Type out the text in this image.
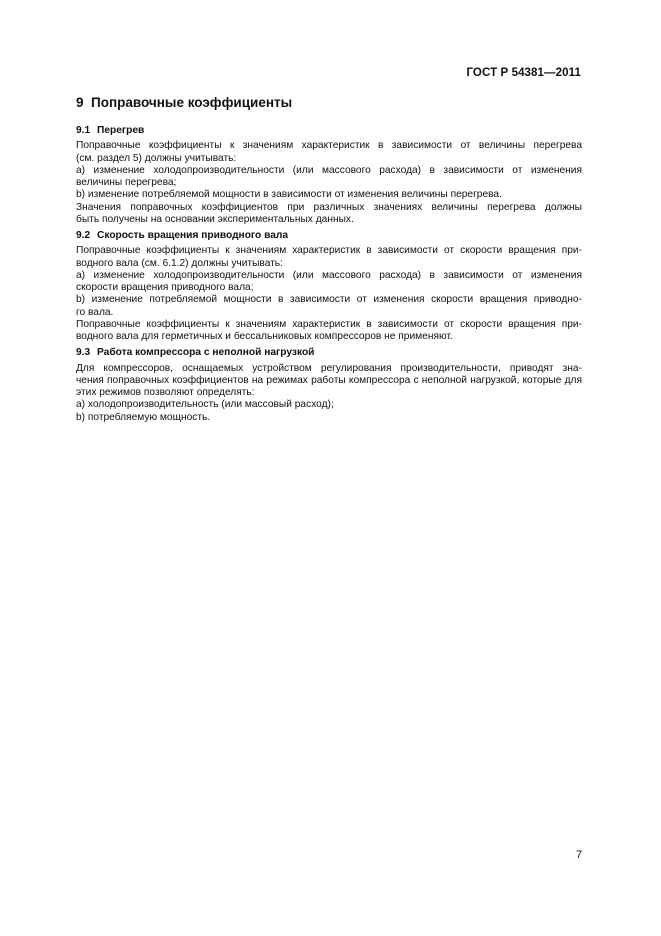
ГОСТ Р 54381—2011
9 Поправочные коэффициенты
9.1 Перегрев
Поправочные коэффициенты к значениям характеристик в зависимости от величины перегрева
(см. раздел 5) должны учитывать:
а) изменение холодопроизводительности (или массового расхода) в зависимости от изменения
величины перегрева;
b) изменение потребляемой мощности в зависимости от изменения величины перегрева.
Значения поправочных коэффициентов при различных значениях величины перегрева должны
быть получены на основании экспериментальных данных.
9.2 Скорость вращения приводного вала
Поправочные коэффициенты к значениям характеристик в зависимости от скорости вращения при-
водного вала (см. 6.1.2) должны учитывать:
а) изменение холодопроизводительности (или массового расхода) в зависимости от изменения
скорости вращения приводного вала;
b) изменение потребляемой мощности в зависимости от изменения скорости вращения приводно-
го вала.
Поправочные коэффициенты к значениям характеристик в зависимости от скорости вращения при-
водного вала для герметичных и бессальниковых компрессоров не применяют.
9.3 Работа компрессора с неполной нагрузкой
Для компрессоров, оснащаемых устройством регулирования производительности, приводят зна-
чения поправочных коэффициентов на режимах работы компрессора с неполной нагрузкой, которые для
этих режимов позволяют определять:
а) холодопроизводительность (или массовый расход);
b) потребляемую мощность.
7
